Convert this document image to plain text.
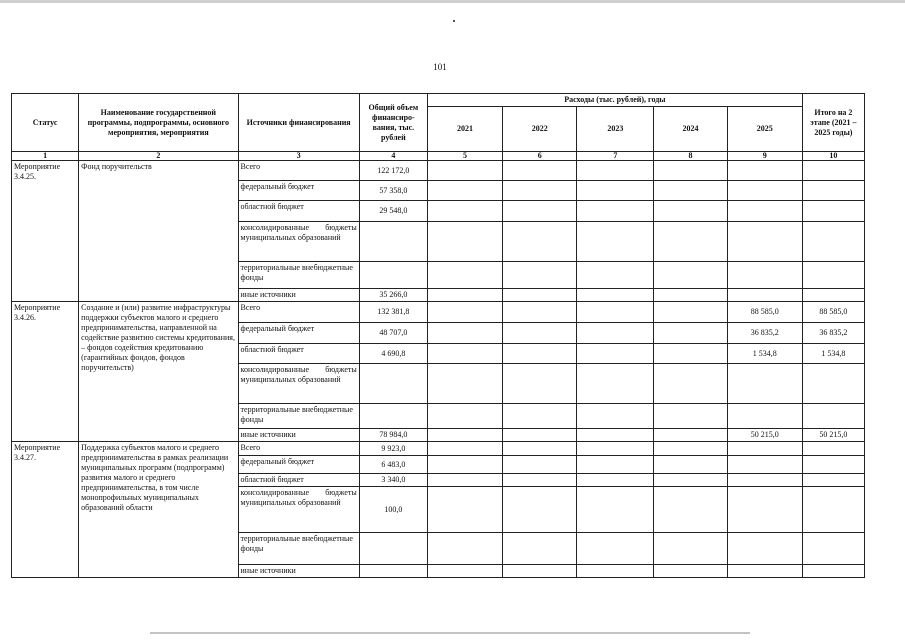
101
Статус	Наименование государственной программы, подпрограммы, основного мероприятия, мероприятия	Источники финансирования	Общий объем финансиро- вания, тыс. рублей	Расходы (тыс. рублей), годы					Итого на 2 этапе (2021 – 2025 годы)
				2021	2022	2023	2024	2025	
1	2	3	4	5	6	7	8	9	10
Мероприятие 3.4.25.	Фонд поручительств	Всего	122 172,0						
		федеральный бюджет	57 358,0						
		областной бюджет	29 548,0						
		консолидированные бюджеты муниципальных образований							
		территориальные внебюджетные фонды							
		иные источники	35 266,0						
Мероприятие 3.4.26.	Создание и (или) развитие инфраструктуры поддержки субъектов малого и среднего предпринимательства, направленной на содействие развитию системы кредитования, – фондов содействия кредитованию (гарантийных фондов, фондов поручительств)	Всего	132 381,8					88 585,0	88 585,0
		федеральный бюджет	48 707,0					36 835,2	36 835,2
		областной бюджет	4 690,8					1 534,8	1 534,8
		консолидированные бюджеты муниципальных образований							
		территориальные внебюджетные фонды							
		иные источники	78 984,0					50 215,0	50 215,0
Мероприятие 3.4.27.	Поддержка субъектов малого и среднего предпринимательства в рамках реализации муниципальных программ (подпрограмм) развития малого и среднего предпринимательства, в том числе монопрофильных муниципальных образований области	Всего	9 923,0						
		федеральный бюджет	6 483,0						
		областной бюджет	3 340,0						
		консолидированные бюджеты муниципальных образований	100,0						
		территориальные внебюджетные фонды							
		иные источники							
